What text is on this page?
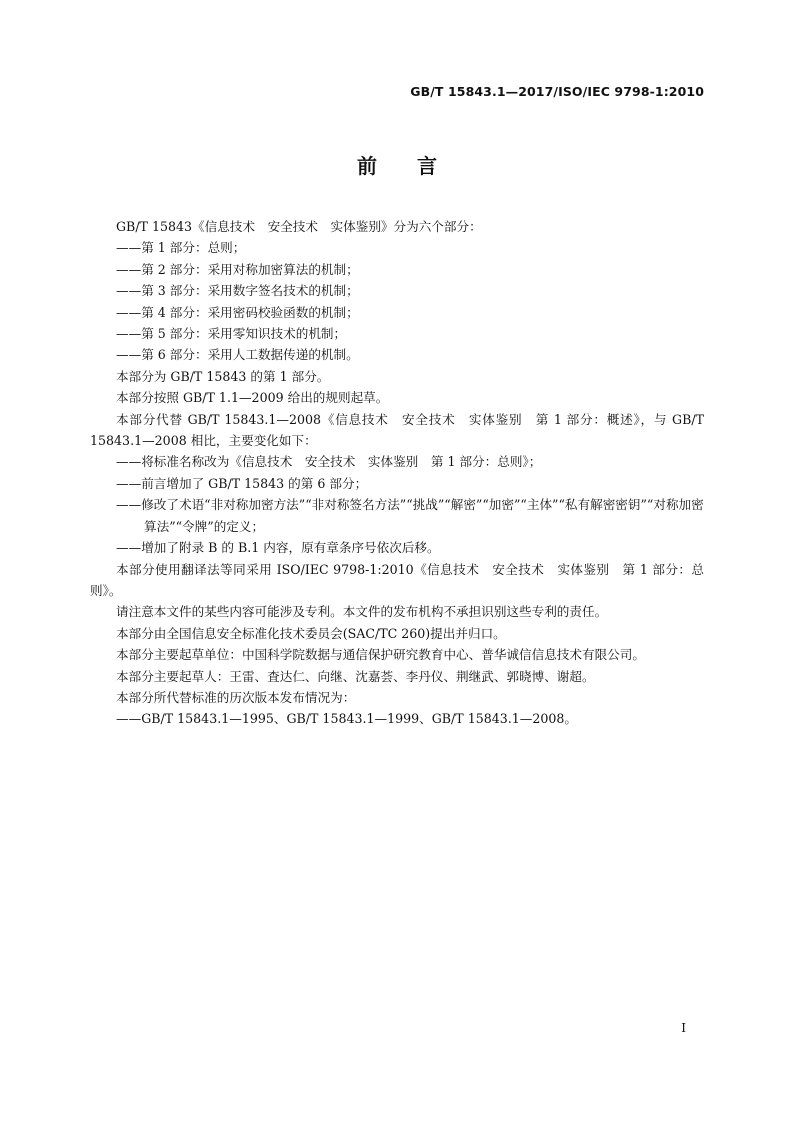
GB/T 15843.1—2017/ISO/IEC 9798-1:2010
前言

GB/T 15843《信息技术　安全技术　实体鉴别》分为六个部分：

——第 1 部分：总则；

——第 2 部分：采用对称加密算法的机制；

——第 3 部分：采用数字签名技术的机制；

——第 4 部分：采用密码校验函数的机制；

——第 5 部分：采用零知识技术的机制；

——第 6 部分：采用人工数据传递的机制。

本部分为 GB/T 15843 的第 1 部分。

本部分按照 GB/T 1.1—2009 给出的规则起草。

本部分代替 GB/T 15843.1—2008《信息技术　安全技术　实体鉴别　第 1 部分：概述》，与 GB/T 15843.1—2008 相比，主要变化如下：

——将标准名称改为《信息技术　安全技术　实体鉴别　第 1 部分：总则》；

——前言增加了 GB/T 15843 的第 6 部分；

——修改了术语“非对称加密方法”“非对称签名方法”“挑战”“解密”“加密”“主体”“私有解密密钥”“对称加密算法”“令牌”的定义；

——增加了附录 B 的 B.1 内容，原有章条序号依次后移。

本部分使用翻译法等同采用 ISO/IEC 9798-1:2010《信息技术　安全技术　实体鉴别　第 1 部分：总则》。

请注意本文件的某些内容可能涉及专利。本文件的发布机构不承担识别这些专利的责任。

本部分由全国信息安全标准化技术委员会(SAC/TC 260)提出并归口。

本部分主要起草单位：中国科学院数据与通信保护研究教育中心、普华诚信信息技术有限公司。

本部分主要起草人：王雷、査达仁、向继、沈嘉荟、李丹仪、荆继武、郭晓博、谢超。

本部分所代替标准的历次版本发布情况为：

——GB/T 15843.1—1995、GB/T 15843.1—1999、GB/T 15843.1—2008。

I
